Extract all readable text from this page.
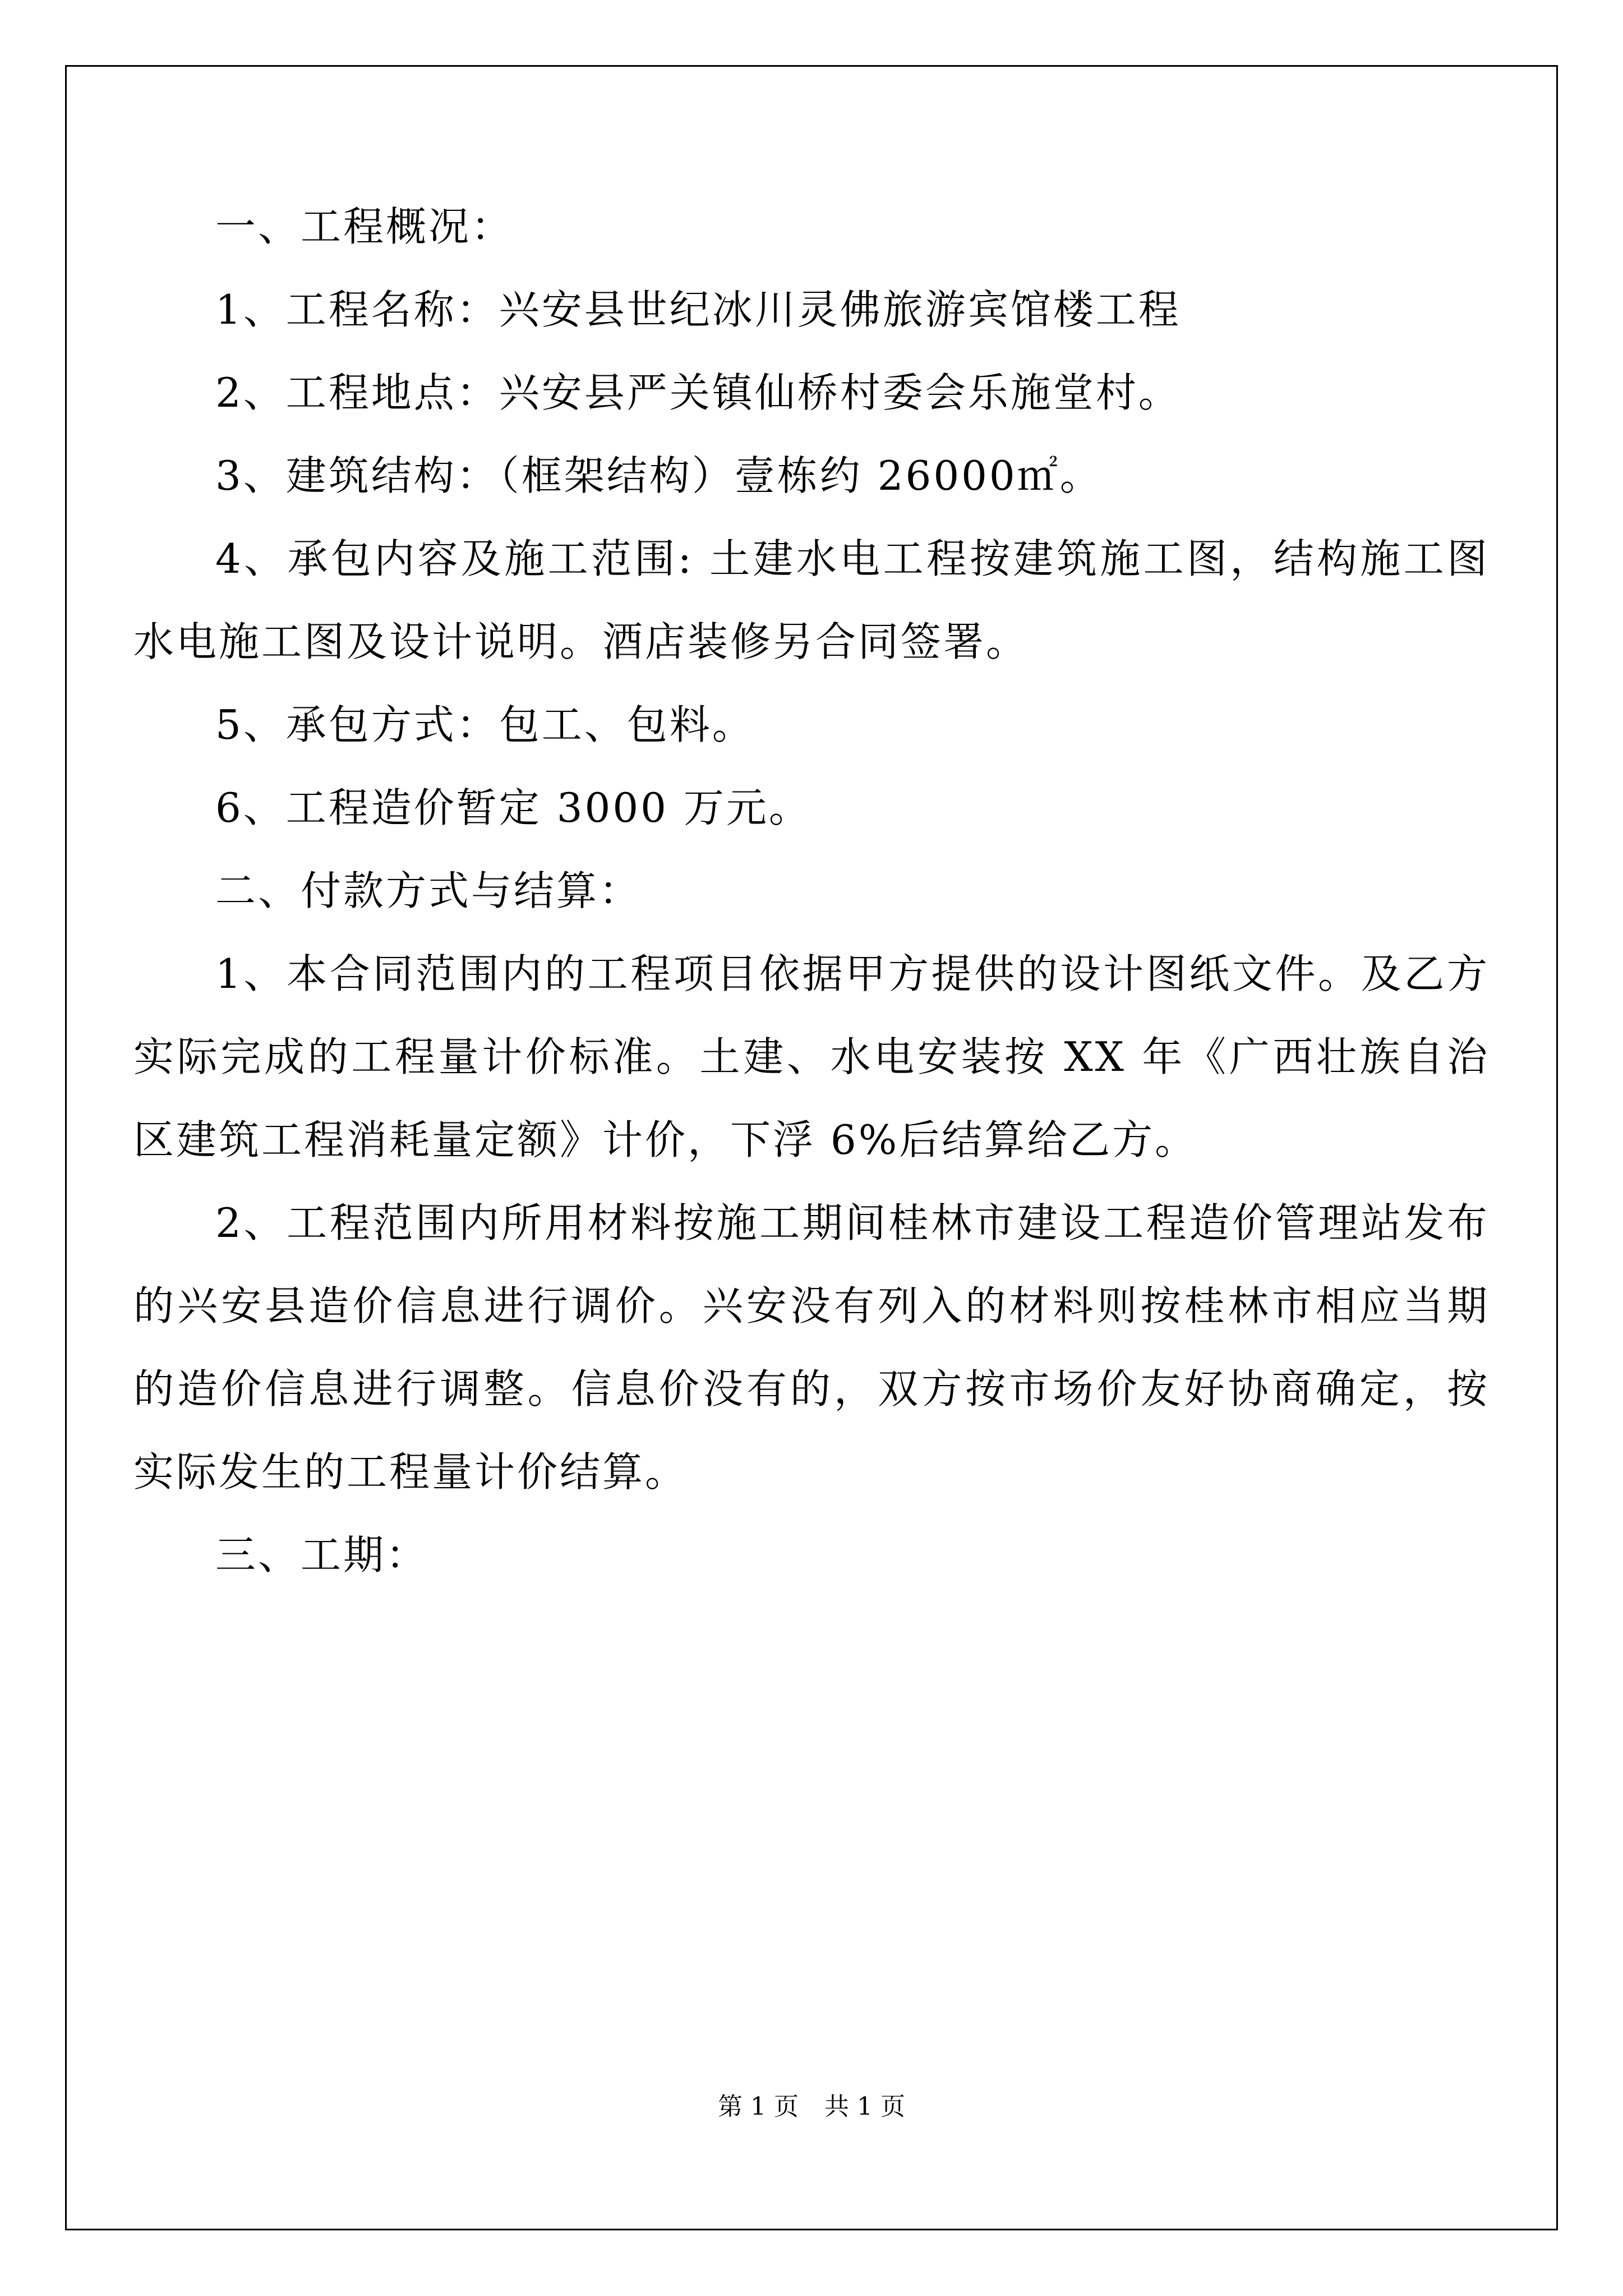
一、工程概况：

1、工程名称：兴安县世纪冰川灵佛旅游宾馆楼工程

2、工程地点：兴安县严关镇仙桥村委会乐施堂村。

3、建筑结构：（框架结构）壹栋约 26000㎡。

4、承包内容及施工范围: 土建水电工程按建筑施工图，结构施工图水电施工图及设计说明。酒店装修另合同签署。

5、承包方式：包工、包料。

6、工程造价暂定 3000 万元。

二、付款方式与结算：

1、本合同范围内的工程项目依据甲方提供的设计图纸文件。及乙方实际完成的工程量计价标准。土建、水电安装按 XX 年《广西壮族自治区建筑工程消耗量定额》计价，下浮 6%后结算给乙方。

2、工程范围内所用材料按施工期间桂林市建设工程造价管理站发布的兴安县造价信息进行调价。兴安没有列入的材料则按桂林市相应当期的造价信息进行调整。信息价没有的，双方按市场价友好协商确定，按实际发生的工程量计价结算。

三、工期：

第 1 页 共 1 页
